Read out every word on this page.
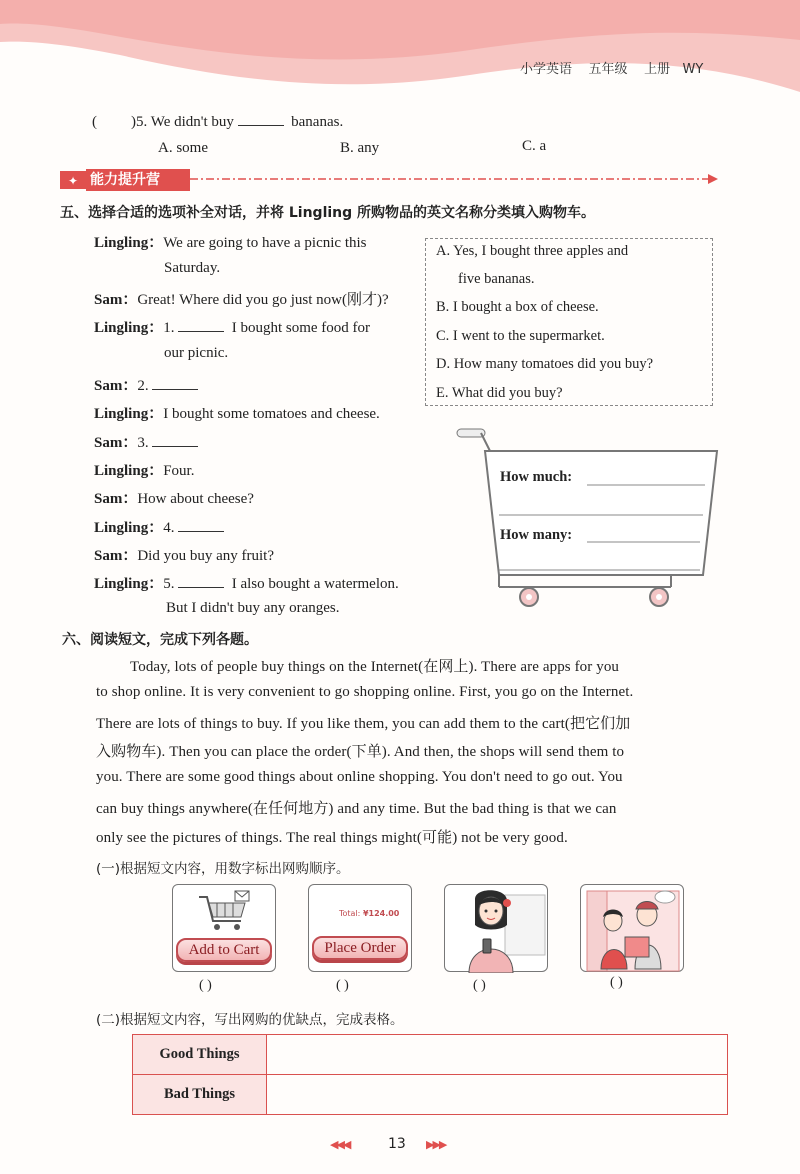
小学英语 五年级 上册 WY
( )5. We didn't buy	bananas.
A. some	B. any	C. a
✦ 能力提升营
五、选择合适的选项补全对话，并将 Lingling 所购物品的英文名称分类填入购物车。
Lingling：We are going to have a picnic this
Saturday.
Sam：Great! Where did you go just now(刚才)?
Lingling：1.	I bought some food for
our picnic.
Sam：2.
Lingling：I bought some tomatoes and cheese.
Sam：3.
Lingling：Four.
Sam：How about cheese?
Lingling：4.
Sam：Did you buy any fruit?
Lingling：5.	I also bought a watermelon.
But I didn't buy any oranges.
A. Yes, I bought three apples and
five bananas.
B. I bought a box of cheese.
C. I went to the supermarket.
D. How many tomatoes did you buy?
E. What did you buy?
How much:
How many:
六、阅读短文，完成下列各题。
Today, lots of people buy things on the Internet(在网上). There are apps for you
to shop online. It is very convenient to go shopping online. First, you go on the Internet.
There are lots of things to buy. If you like them, you can add them to the cart(把它们加
入购物车). Then you can place the order(下单). And then, the shops will send them to
you. There are some good things about online shopping. You don't need to go out. You
can buy things anywhere(在任何地方) and any time. But the bad thing is that we can
only see the pictures of things. The real things might(可能) not be very good.
(一)根据短文内容，用数字标出网购顺序。
Add to Cart
( )
Total: ¥124.00
Place Order
( )	( )	( )
(二)根据短文内容，写出网购的优缺点，完成表格。
Good Things	
Bad Things	
◀◀◀	13 ▶▶▶
